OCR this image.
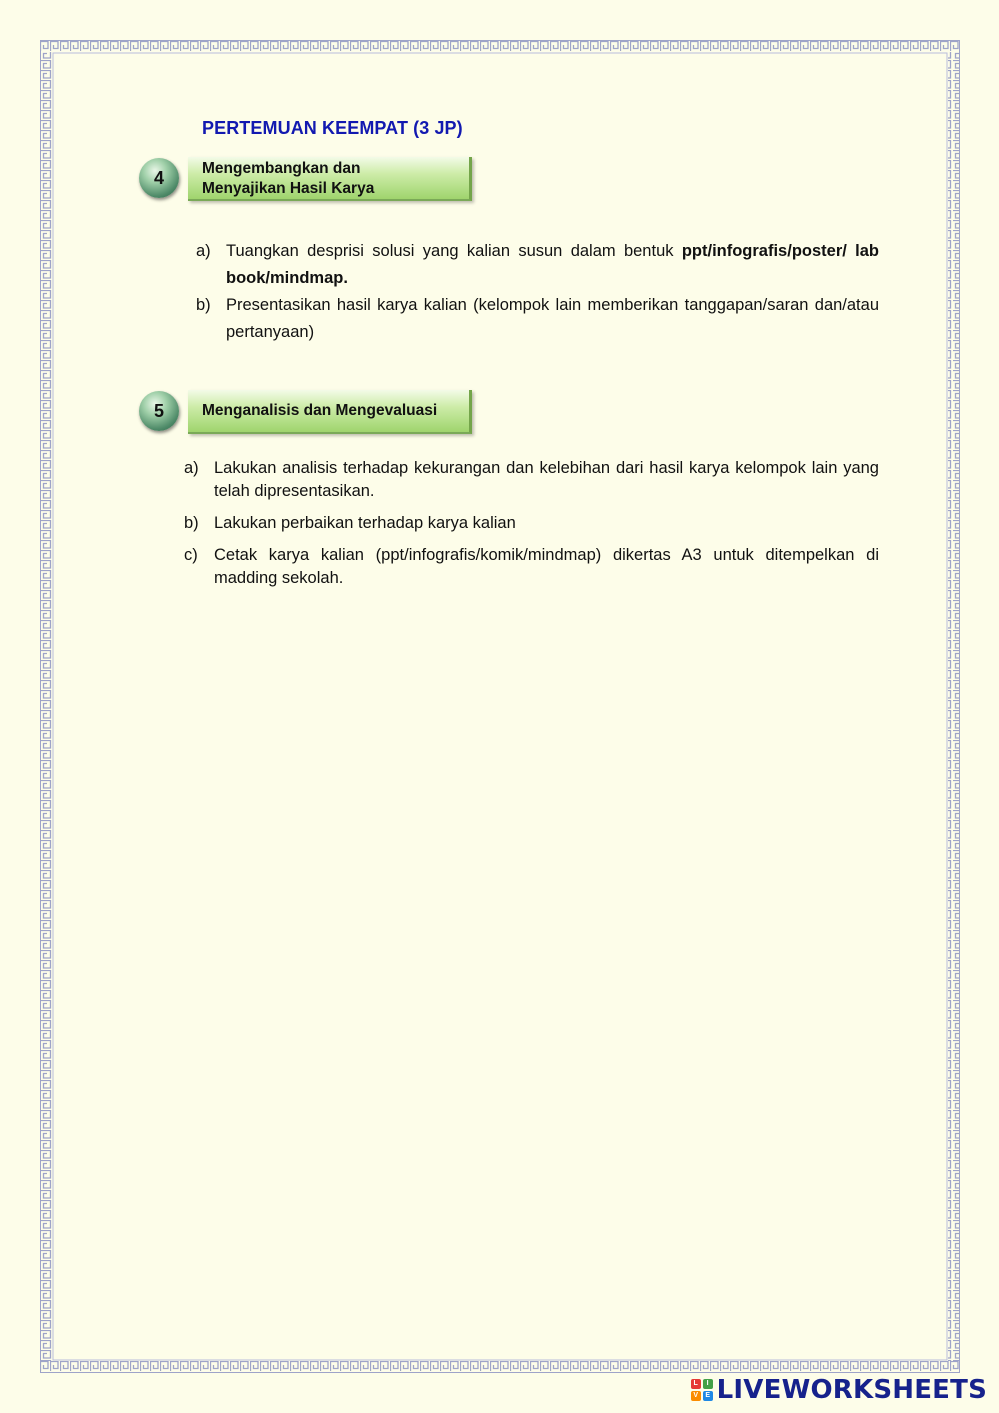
PERTEMUAN KEEMPAT (3 JP)
4	Mengembangkan dan
Menyajikan Hasil Karya
a) Tuangkan desprisi solusi yang kalian susun dalam bentuk ppt/infografis/poster/ lab book/mindmap.
b) Presentasikan hasil karya kalian (kelompok lain memberikan tanggapan/saran dan/atau pertanyaan)
5	Menganalisis dan Mengevaluasi
a) Lakukan analisis terhadap kekurangan dan kelebihan dari hasil karya kelompok lain yang telah dipresentasikan.
b) Lakukan perbaikan terhadap karya kalian
c) Cetak karya kalian (ppt/infografis/komik/mindmap) dikertas A3 untuk ditempelkan di madding sekolah.
L	I
V	E LIVEWORKSHEETS
